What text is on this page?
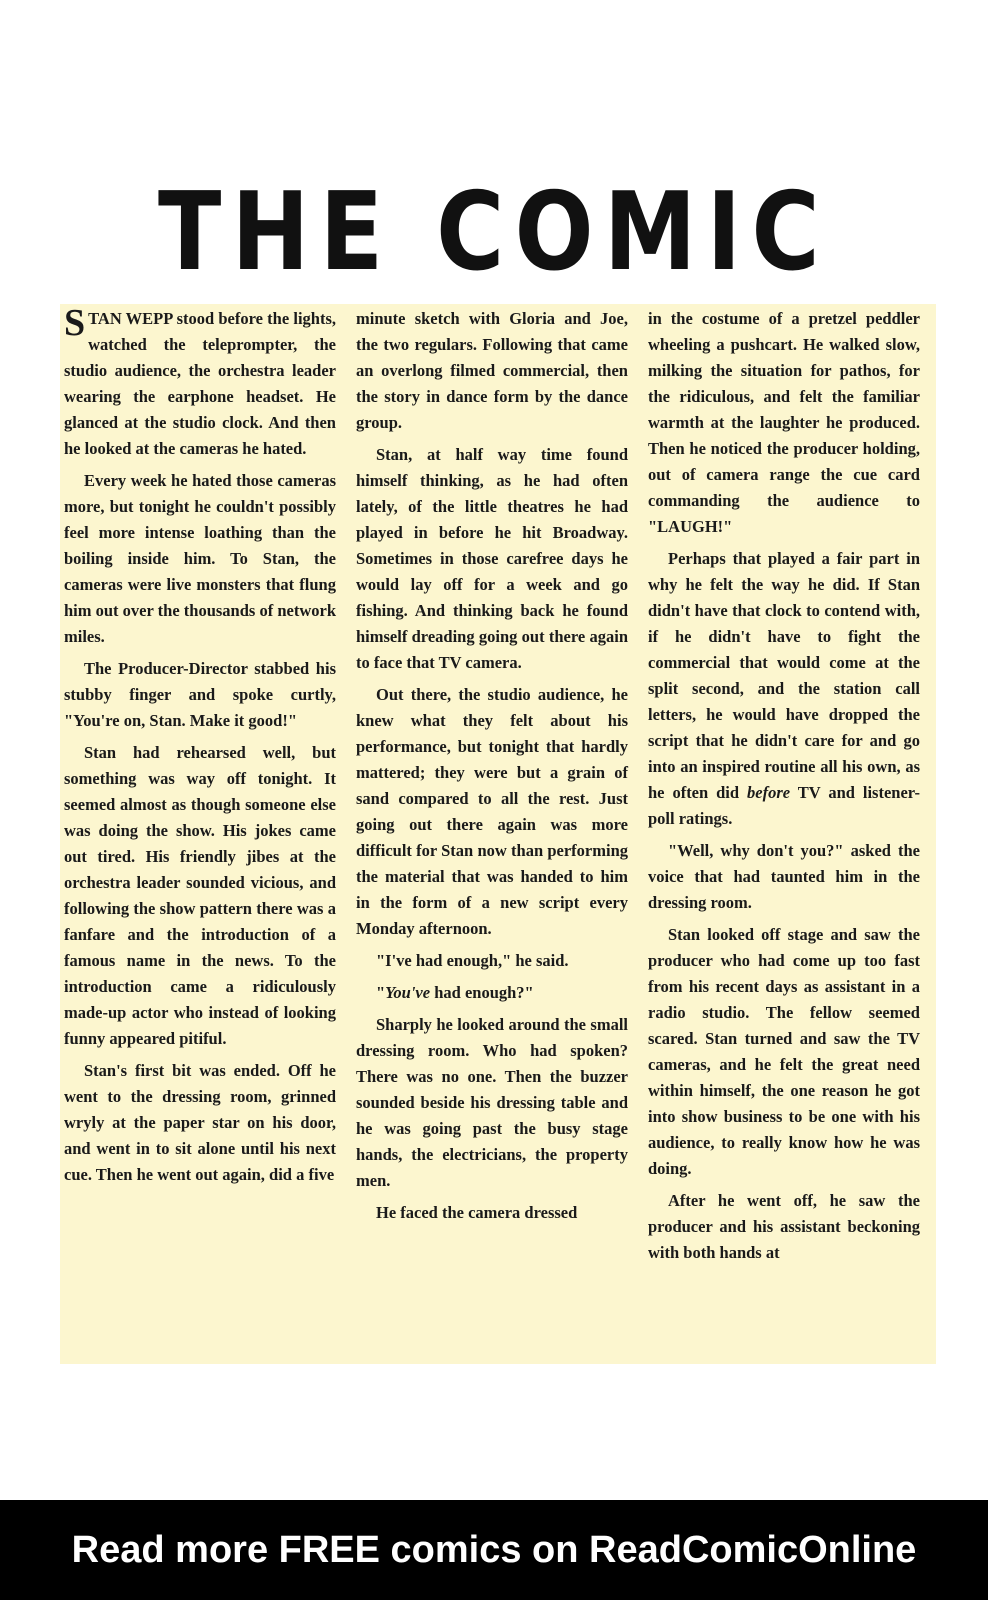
THE COMIC

STAN WEPP stood before the lights, watched the teleprompter, the studio audience, the orchestra leader wearing the earphone headset. He glanced at the studio clock. And then he looked at the cameras he hated.

Every week he hated those cameras more, but tonight he couldn't possibly feel more intense loathing than the boiling inside him. To Stan, the cameras were live monsters that flung him out over the thousands of network miles.

The Producer-Director stabbed his stubby finger and spoke curtly, "You're on, Stan. Make it good!"

Stan had rehearsed well, but something was way off tonight. It seemed almost as though someone else was doing the show. His jokes came out tired. His friendly jibes at the orchestra leader sounded vicious, and following the show pattern there was a fanfare and the introduction of a famous name in the news. To the introduction came a ridiculously made-up actor who instead of looking funny appeared pitiful.

Stan's first bit was ended. Off he went to the dressing room, grinned wryly at the paper star on his door, and went in to sit alone until his next cue. Then he went out again, did a five

minute sketch with Gloria and Joe, the two regulars. Following that came an overlong filmed commercial, then the story in dance form by the dance group.

Stan, at half way time found himself thinking, as he had often lately, of the little theatres he had played in before he hit Broadway. Sometimes in those carefree days he would lay off for a week and go fishing. And thinking back he found himself dreading going out there again to face that TV camera.

Out there, the studio audience, he knew what they felt about his performance, but tonight that hardly mattered; they were but a grain of sand compared to all the rest. Just going out there again was more difficult for Stan now than performing the material that was handed to him in the form of a new script every Monday afternoon.

"I've had enough," he said.

"You've had enough?"

Sharply he looked around the small dressing room. Who had spoken? There was no one. Then the buzzer sounded beside his dressing table and he was going past the busy stage hands, the electricians, the property men.

He faced the camera dressed

in the costume of a pretzel peddler wheeling a pushcart. He walked slow, milking the situation for pathos, for the ridiculous, and felt the familiar warmth at the laughter he produced. Then he noticed the producer holding, out of camera range the cue card commanding the audience to "LAUGH!"

Perhaps that played a fair part in why he felt the way he did. If Stan didn't have that clock to contend with, if he didn't have to fight the commercial that would come at the split second, and the station call letters, he would have dropped the script that he didn't care for and go into an inspired routine all his own, as he often did before TV and listener-poll ratings.

"Well, why don't you?" asked the voice that had taunted him in the dressing room.

Stan looked off stage and saw the producer who had come up too fast from his recent days as assistant in a radio studio. The fellow seemed scared. Stan turned and saw the TV cameras, and he felt the great need within himself, the one reason he got into show business to be one with his audience, to really know how he was doing.

After he went off, he saw the producer and his assistant beckoning with both hands at

Read more FREE comics on ReadComicOnline
